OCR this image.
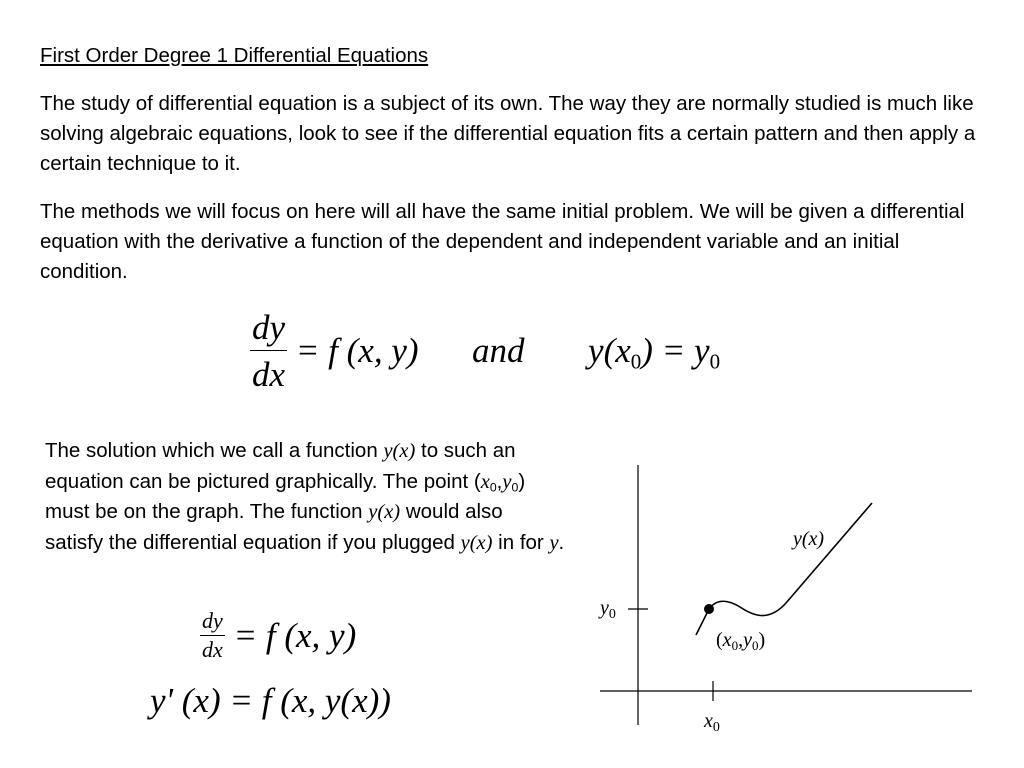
First Order Degree 1 Differential Equations

The study of differential equation is a subject of its own. The way they are normally studied is much like solving algebraic equations, look to see if the differential equation fits a certain pattern and then apply a certain technique to it.

The methods we will focus on here will all have the same initial problem. We will be given a differential equation with the derivative a function of the dependent and independent variable and an initial condition.

$\frac{dy}{dx} = f$ (x, y) and $y(x_0) = y_0$

The solution which we call a function y(x) to such an equation can be pictured graphically. The point $(x_0,y_0)$ must be on the graph. The function y(x) would also satisfy the differential equation if you plugged y(x) in for y.

$\frac{dy}{dx} = f$ (x, y)
y' (x) = f (x, y(x))
y(x)
$y_0$
$x_0$
$(x_0,y_0)$
